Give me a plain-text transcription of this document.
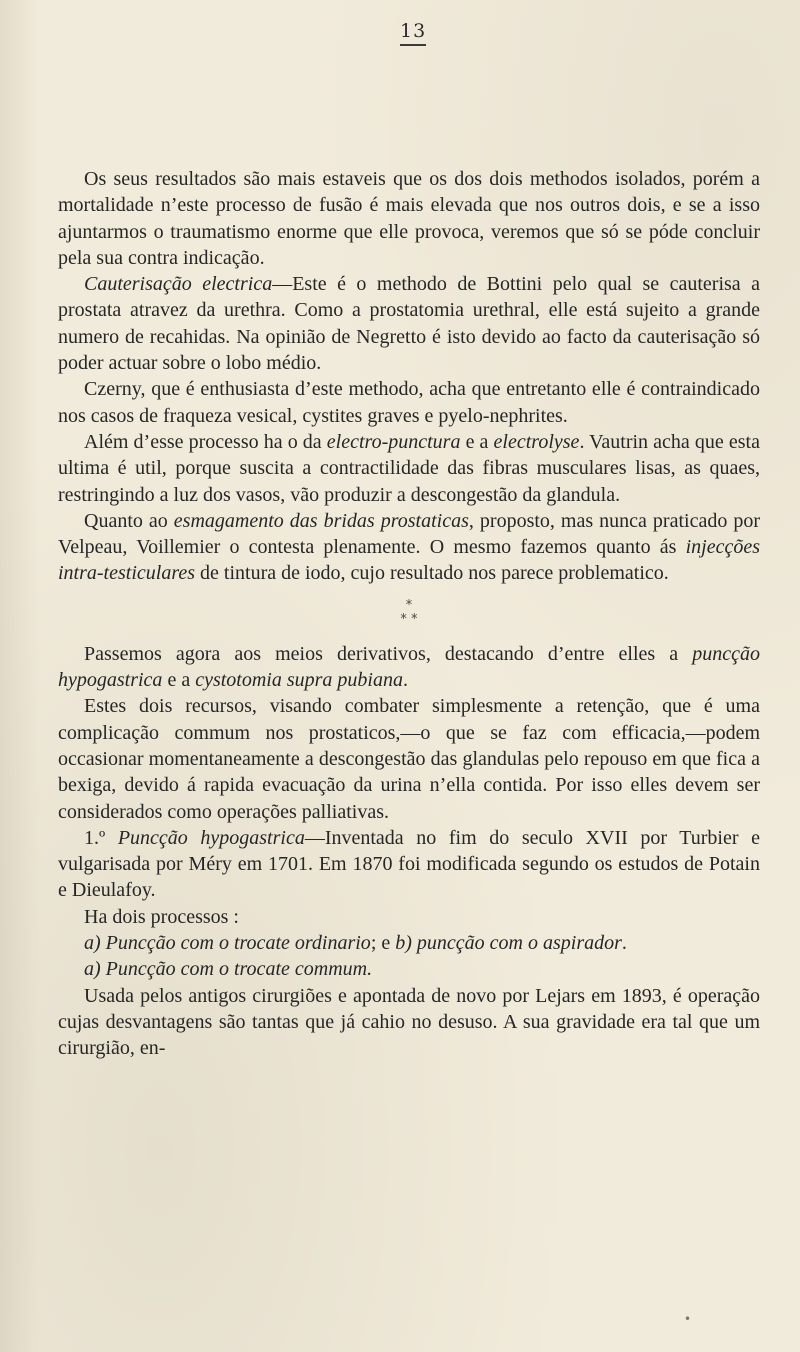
13

Os seus resultados são mais estaveis que os dos dois methodos isolados, porém a mortalidade n’este processo de fusão é mais elevada que nos outros dois, e se a isso ajuntarmos o traumatismo enorme que elle provoca, veremos que só se póde concluir pela sua contra indicação.

Cauterisação electrica—Este é o methodo de Bottini pelo qual se cauterisa a prostata atravez da urethra. Como a prostatomia urethral, elle está sujeito a grande numero de recahidas. Na opinião de Negretto é isto devido ao facto da cauterisação só poder actuar sobre o lobo médio.

Czerny, que é enthusiasta d’este methodo, acha que entretanto elle é contraindicado nos casos de fraqueza vesical, cystites graves e pyelo-nephrites.

Além d’esse processo ha o da electro-punctura e a electrolyse. Vautrin acha que esta ultima é util, porque suscita a contractilidade das fibras musculares lisas, as quaes, restringindo a luz dos vasos, vão produzir a descongestão da glandula.

Quanto ao esmagamento das bridas prostaticas, proposto, mas nunca praticado por Velpeau, Voillemier o contesta plenamente. O mesmo fazemos quanto ás injecções intra-testiculares de tintura de iodo, cujo resultado nos parece problematico.

*
* *

Passemos agora aos meios derivativos, destacando d’entre elles a puncção hypogastrica e a cystotomia supra pubiana.

Estes dois recursos, visando combater simplesmente a retenção, que é uma complicação commum nos prostaticos,—o que se faz com efficacia,—podem occasionar momentaneamente a descongestão das glandulas pelo repouso em que fica a bexiga, devido á rapida evacuação da urina n’ella contida. Por isso elles devem ser considerados como operações palliativas.

1.º Puncção hypogastrica—Inventada no fim do seculo XVII por Turbier e vulgarisada por Méry em 1701. Em 1870 foi modificada segundo os estudos de Potain e Dieulafoy.

Ha dois processos :

a) Puncção com o trocate ordinario; e b) puncção com o aspirador.

a) Puncção com o trocate commum.

Usada pelos antigos cirurgiões e apontada de novo por Lejars em 1893, é operação cujas desvantagens são tantas que já cahio no desuso. A sua gravidade era tal que um cirurgião, en-

•
